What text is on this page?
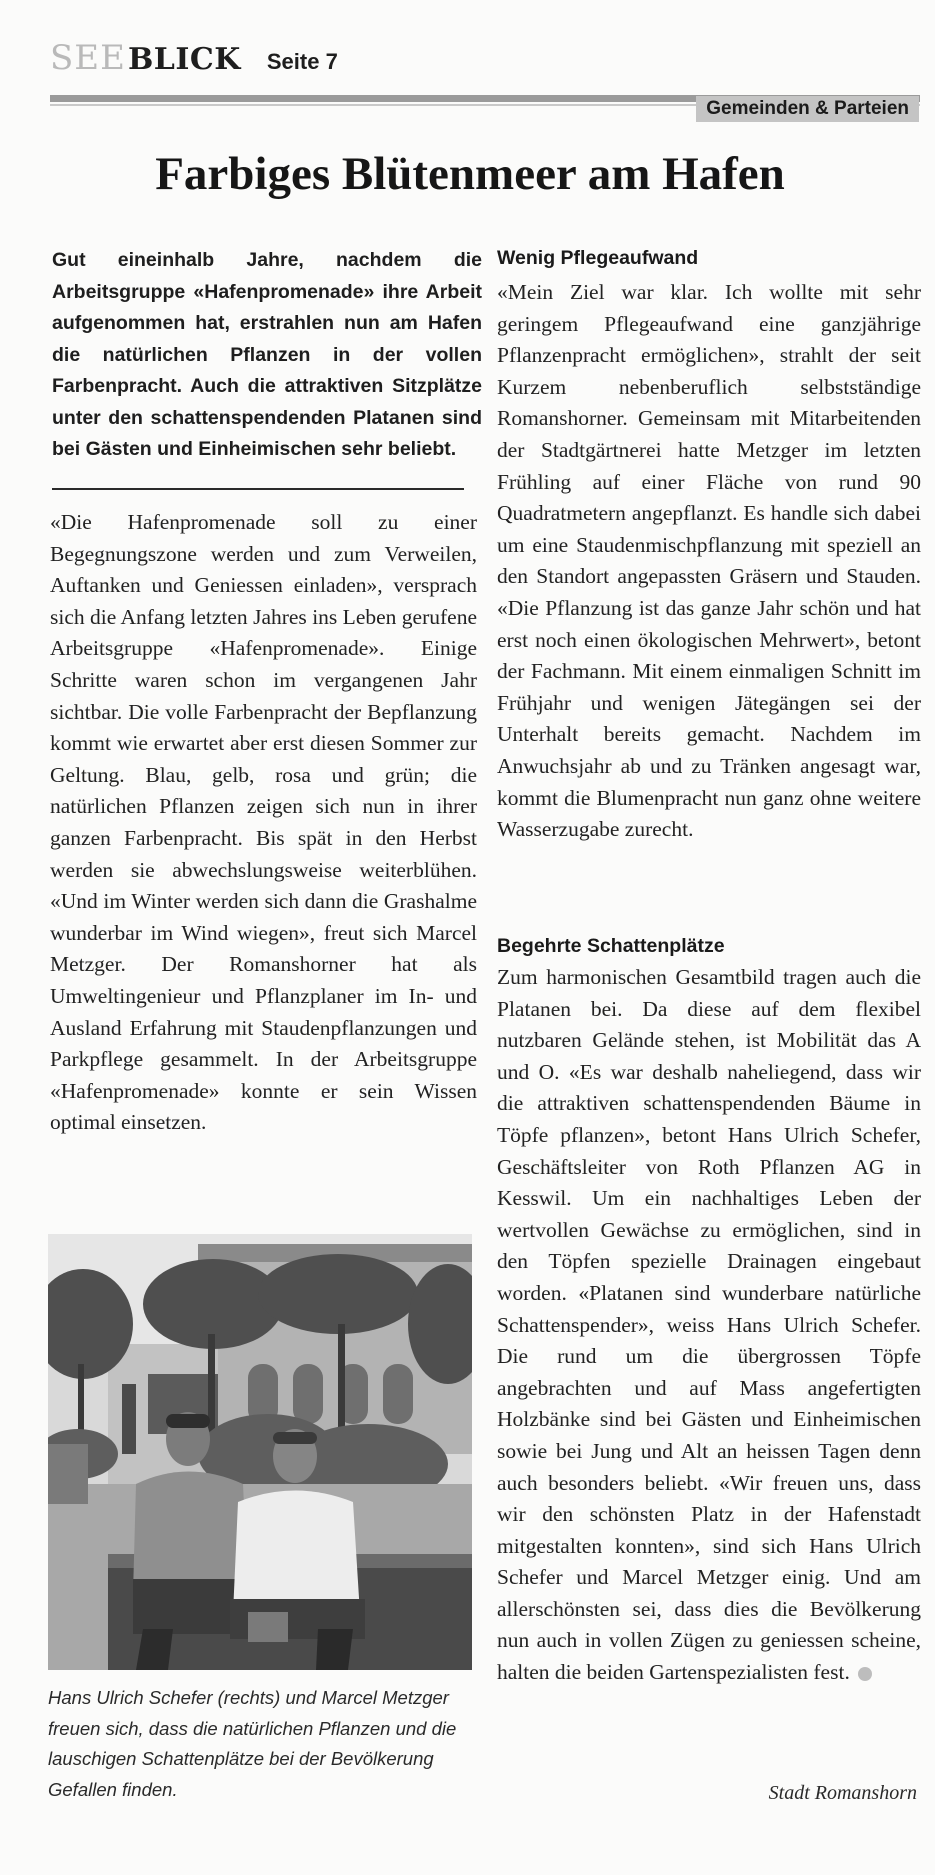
SEE BLICK Seite 7
Gemeinden & Parteien
Farbiges Blütenmeer am Hafen
Gut eineinhalb Jahre, nachdem die Arbeitsgruppe «Hafenpromenade» ihre Arbeit aufgenommen hat, erstrahlen nun am Hafen die natürlichen Pflanzen in der vollen Farbenpracht. Auch die attraktiven Sitzplätze unter den schattenspendenden Platanen sind bei Gästen und Einheimischen sehr beliebt.

«Die Hafenpromenade soll zu einer Begegnungszone werden und zum Verweilen, Auftanken und Geniessen einladen», versprach sich die Anfang letzten Jahres ins Leben gerufene Arbeitsgruppe «Hafenpromenade». Einige Schritte waren schon im vergangenen Jahr sichtbar. Die volle Farbenpracht der Bepflanzung kommt wie erwartet aber erst diesen Sommer zur Geltung. Blau, gelb, rosa und grün; die natürlichen Pflanzen zeigen sich nun in ihrer ganzen Farbenpracht. Bis spät in den Herbst werden sie abwechslungsweise weiterblühen. «Und im Winter werden sich dann die Grashalme wunderbar im Wind wiegen», freut sich Marcel Metzger. Der Romanshorner hat als Umweltingenieur und Pflanzplaner im In- und Ausland Erfahrung mit Staudenpflanzungen und Parkpflege gesammelt. In der Arbeitsgruppe «Hafenpromenade» konnte er sein Wissen optimal einsetzen.

Wenig Pflegeaufwand

«Mein Ziel war klar. Ich wollte mit sehr geringem Pflegeaufwand eine ganzjährige Pflanzenpracht ermöglichen», strahlt der seit Kurzem nebenberuflich selbstständige Romanshorner. Gemeinsam mit Mitarbeitenden der Stadtgärtnerei hatte Metzger im letzten Frühling auf einer Fläche von rund 90 Quadratmetern angepflanzt. Es handle sich dabei um eine Staudenmischpflanzung mit speziell an den Standort angepassten Gräsern und Stauden. «Die Pflanzung ist das ganze Jahr schön und hat erst noch einen ökologischen Mehrwert», betont der Fachmann. Mit einem einmaligen Schnitt im Frühjahr und wenigen Jätegängen sei der Unterhalt bereits gemacht. Nachdem im Anwuchsjahr ab und zu Tränken angesagt war, kommt die Blumenpracht nun ganz ohne weitere Wasserzugabe zurecht.

Begehrte Schattenplätze

Zum harmonischen Gesamtbild tragen auch die Platanen bei. Da diese auf dem flexibel nutzbaren Gelände stehen, ist Mobilität das A und O. «Es war deshalb naheliegend, dass wir die attraktiven schattenspendenden Bäume in Töpfe pflanzen», betont Hans Ulrich Schefer, Geschäftsleiter von Roth Pflanzen AG in Kesswil. Um ein nachhaltiges Leben der wertvollen Gewächse zu ermöglichen, sind in den Töpfen spezielle Drainagen eingebaut worden. «Platanen sind wunderbare natürliche Schattenspender», weiss Hans Ulrich Schefer. Die rund um die übergrossen Töpfe angebrachten und auf Mass angefertigten Holzbänke sind bei Gästen und Einheimischen sowie bei Jung und Alt an heissen Tagen denn auch besonders beliebt. «Wir freuen uns, dass wir den schönsten Platz in der Hafenstadt mitgestalten konnten», sind sich Hans Ulrich Schefer und Marcel Metzger einig. Und am allerschönsten sei, dass dies die Bevölkerung nun auch in vollen Zügen zu geniessen scheine, halten die beiden Gartenspezialisten fest.

Stadt Romanshorn
Hans Ulrich Schefer (rechts) und Marcel Metzger freuen sich, dass die natürlichen Pflanzen und die lauschigen Schattenplätze bei der Bevölkerung Gefallen finden.
